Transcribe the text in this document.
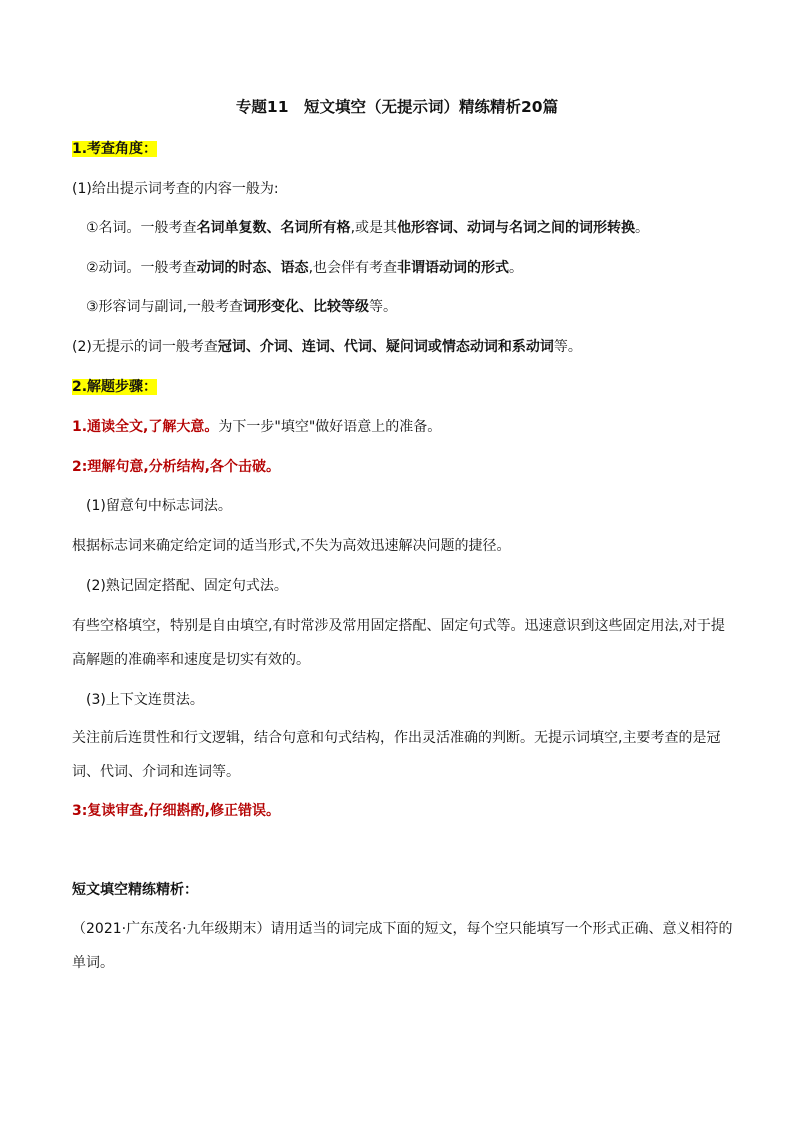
专题11　短文填空（无提示词）精练精析20篇
1.考查角度：
(1)给出提示词考查的内容一般为:
①名词。一般考查名词单复数、名词所有格,或是其他形容词、动词与名词之间的词形转换。
②动词。一般考查动词的时态、语态,也会伴有考查非谓语动词的形式。
③形容词与副词,一般考查词形变化、比较等级等。
(2)无提示的词一般考查冠词、介词、连词、代词、疑问词或情态动词和系动词等。
2.解题步骤：
1.通读全文,了解大意。为下一步"填空"做好语意上的准备。
2:理解句意,分析结构,各个击破。
(1)留意句中标志词法。
根据标志词来确定给定词的适当形式,不失为高效迅速解决问题的捷径。
(2)熟记固定搭配、固定句式法。
有些空格填空，特别是自由填空,有时常涉及常用固定搭配、固定句式等。迅速意识到这些固定用法,对于提
高解题的准确率和速度是切实有效的。
(3)上下文连贯法。
关注前后连贯性和行文逻辑，结合句意和句式结构，作出灵活准确的判断。无提示词填空,主要考查的是冠
词、代词、介词和连词等。
3:复读审查,仔细斟酌,修正错误。
短文填空精练精析：
（2021·广东茂名·九年级期末）请用适当的词完成下面的短文，每个空只能填写一个形式正确、意义相符的
单词。
